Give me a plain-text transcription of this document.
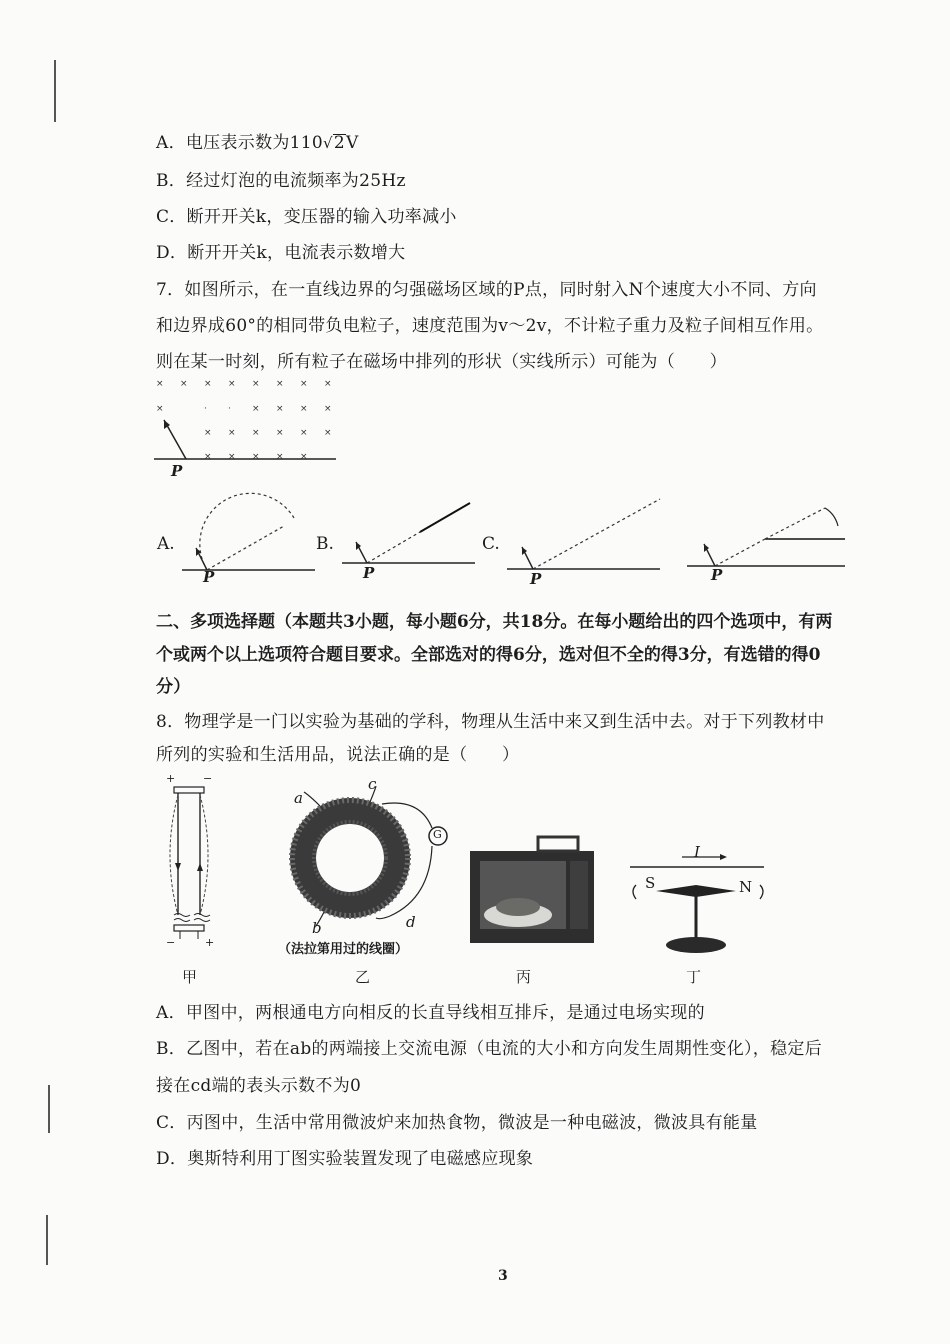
A．电压表示数为110√2V
B．经过灯泡的电流频率为25Hz
C．断开开关k，变压器的输入功率减小
D．断开开关k，电流表示数增大
7．如图所示，在一直线边界的匀强磁场区域的P点，同时射入N个速度大小不同、方向
和边界成60°的相同带负电粒子，速度范围为v～2v，不计粒子重力及粒子间相互作用。
则在某一时刻，所有粒子在磁场中排列的形状（实线所示）可能为（　　）
× × × × × × × ×
×	· · × × × ×
× × × × × ×
× × × × ×
P
A.
P
B.
P
C.
P	P
二、多项选择题（本题共3小题，每小题6分，共18分。在每小题给出的四个选项中，有两
个或两个以上选项符合题目要求。全部选对的得6分，选对但不全的得3分，有选错的得0
分）
8．物理学是一门以实验为基础的学科，物理从生活中来又到生活中去。对于下列教材中
所列的实验和生活用品，说法正确的是（　　）
+	−
−	+
甲
a
b
c
d
G
（法拉第用过的线圈）
乙	丙
I
S	N
丁
A．甲图中，两根通电方向相反的长直导线相互排斥，是通过电场实现的
B．乙图中，若在ab的两端接上交流电源（电流的大小和方向发生周期性变化），稳定后
接在cd端的表头示数不为0
C．丙图中，生活中常用微波炉来加热食物，微波是一种电磁波，微波具有能量
D．奥斯特利用丁图实验装置发现了电磁感应现象
3
